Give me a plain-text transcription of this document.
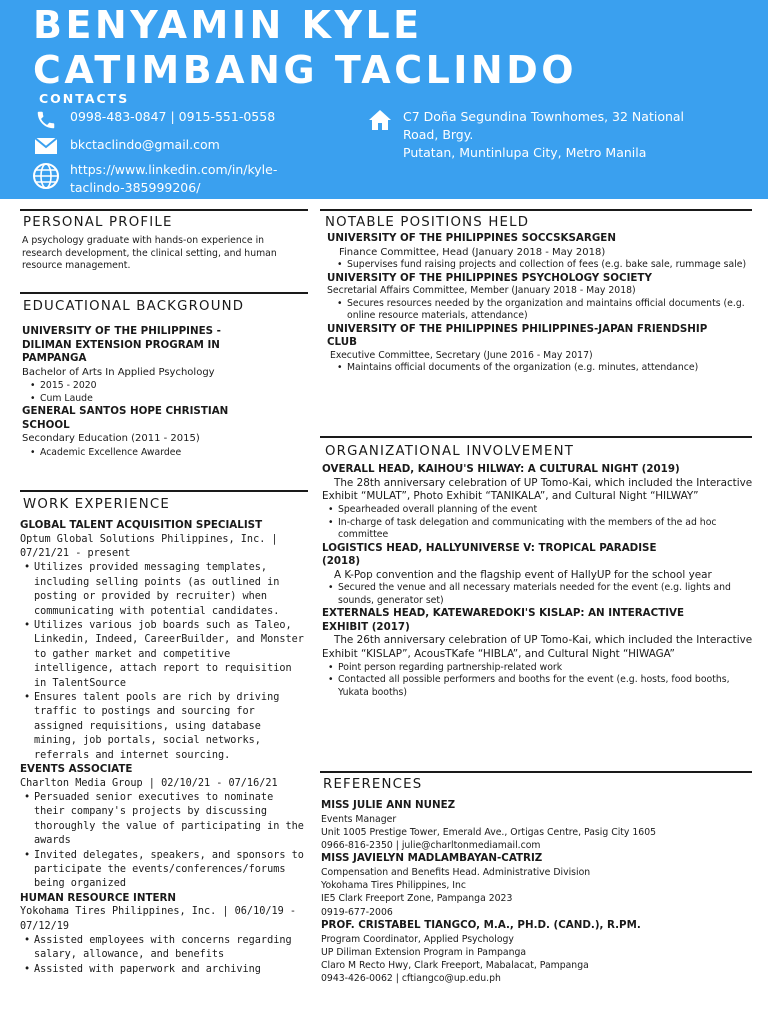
BENYAMIN KYLE
CATIMBANG TACLINDO
CONTACTS
0998-483-0847 | 0915-551-0558
bkctaclindo@gmail.com
https://www.linkedin.com/in/kyle-
taclindo-385999206/
C7 Doña Segundina Townhomes, 32 National
Road, Brgy.
Putatan, Muntinlupa City, Metro Manila
PERSONAL PROFILE
A psychology graduate with hands-on experience in research development, the clinical setting, and human resource management.
EDUCATIONAL BACKGROUND
UNIVERSITY OF THE PHILIPPINES -
DILIMAN EXTENSION PROGRAM IN
PAMPANGA
Bachelor of Arts In Applied Psychology
• 2015 - 2020
• Cum Laude
GENERAL SANTOS HOPE CHRISTIAN
SCHOOL
Secondary Education (2011 - 2015)
• Academic Excellence Awardee
WORK EXPERIENCE
GLOBAL TALENT ACQUISITION SPECIALIST
Optum Global Solutions Philippines, Inc. |
07/21/21 - present
• Utilizes provided messaging templates, including selling points (as outlined in posting or provided by recruiter) when communicating with potential candidates.
• Utilizes various job boards such as Taleo, Linkedin, Indeed, CareerBuilder, and Monster to gather market and competitive intelligence, attach report to requisition in TalentSource
• Ensures talent pools are rich by driving traffic to postings and sourcing for assigned requisitions, using database mining, job portals, social networks, referrals and internet sourcing.
EVENTS ASSOCIATE
Charlton Media Group | 02/10/21 - 07/16/21
• Persuaded senior executives to nominate their company's projects by discussing thoroughly the value of participating in the awards
• Invited delegates, speakers, and sponsors to participate the events/conferences/forums being organized
HUMAN RESOURCE INTERN
Yokohama Tires Philippines, Inc. | 06/10/19 -
07/12/19
• Assisted employees with concerns regarding salary, allowance, and benefits
• Assisted with paperwork and archiving
NOTABLE POSITIONS HELD
UNIVERSITY OF THE PHILIPPINES SOCCSKSARGEN
Finance Committee, Head (January 2018 - May 2018)
• Supervises fund raising projects and collection of fees (e.g. bake sale, rummage sale)
UNIVERSITY OF THE PHILIPPINES PSYCHOLOGY SOCIETY
Secretarial Affairs Committee, Member (January 2018 - May 2018)
• Secures resources needed by the organization and maintains official documents (e.g. online resource materials, attendance)
UNIVERSITY OF THE PHILIPPINES PHILIPPINES-JAPAN FRIENDSHIP
CLUB
Executive Committee, Secretary (June 2016 - May 2017)
• Maintains official documents of the organization (e.g. minutes, attendance)
ORGANIZATIONAL INVOLVEMENT
OVERALL HEAD, KAIHOU'S HILWAY: A CULTURAL NIGHT (2019)
The 28th anniversary celebration of UP Tomo-Kai, which included the Interactive Exhibit “MULAT”, Photo Exhibit “TANIKALA”, and Cultural Night “HILWAY”
• Spearheaded overall planning of the event
• In-charge of task delegation and communicating with the members of the ad hoc committee
LOGISTICS HEAD, HALLYUNIVERSE V: TROPICAL PARADISE
(2018)
A K-Pop convention and the flagship event of HallyUP for the school year
• Secured the venue and all necessary materials needed for the event (e.g. lights and sounds, generator set)
EXTERNALS HEAD, KATEWAREDOKI'S KISLAP: AN INTERACTIVE
EXHIBIT (2017)
The 26th anniversary celebration of UP Tomo-Kai, which included the Interactive Exhibit “KISLAP”, AcousTKafe “HIBLA”, and Cultural Night “HIWAGA”
• Point person regarding partnership-related work
• Contacted all possible performers and booths for the event (e.g. hosts, food booths, Yukata booths)
REFERENCES
MISS JULIE ANN NUNEZ
Events Manager
Unit 1005 Prestige Tower, Emerald Ave., Ortigas Centre, Pasig City 1605
0966-816-2350 | julie@charltonmediamail.com
MISS JAVIELYN MADLAMBAYAN-CATRIZ
Compensation and Benefits Head. Administrative Division
Yokohama Tires Philippines, Inc
IE5 Clark Freeport Zone, Pampanga 2023
0919-677-2006
PROF. CRISTABEL TIANGCO, M.A., PH.D. (CAND.), R.PM.
Program Coordinator, Applied Psychology
UP Diliman Extension Program in Pampanga
Claro M Recto Hwy, Clark Freeport, Mabalacat, Pampanga
0943-426-0062 | cftiangco@up.edu.ph
